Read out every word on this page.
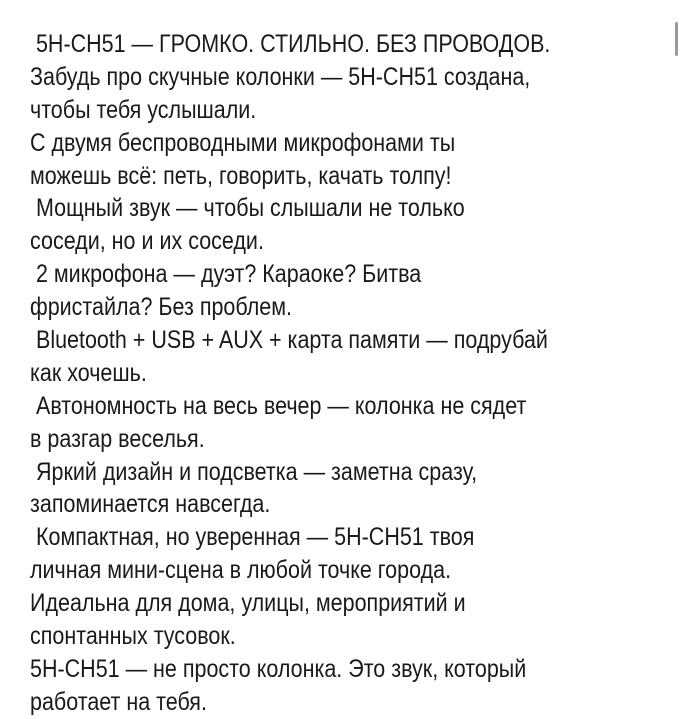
5H-CH51 — ГРОМКО. СТИЛЬНО. БЕЗ ПРОВОДОВ.
Забудь про скучные колонки — 5H-CH51 создана,
чтобы тебя услышали.
С двумя беспроводными микрофонами ты
можешь всё: петь, говорить, качать толпу!
Мощный звук — чтобы слышали не только
соседи, но и их соседи.
2 микрофона — дуэт? Караоке? Битва
фристайла? Без проблем.
Bluetooth + USB + AUX + карта памяти — подрубай
как хочешь.
Автономность на весь вечер — колонка не сядет
в разгар веселья.
Яркий дизайн и подсветка — заметна сразу,
запоминается навсегда.
Компактная, но уверенная — 5H-CH51 твоя
личная мини-сцена в любой точке города.
Идеальна для дома, улицы, мероприятий и
спонтанных тусовок.
5H-CH51 — не просто колонка. Это звук, который
работает на тебя.
